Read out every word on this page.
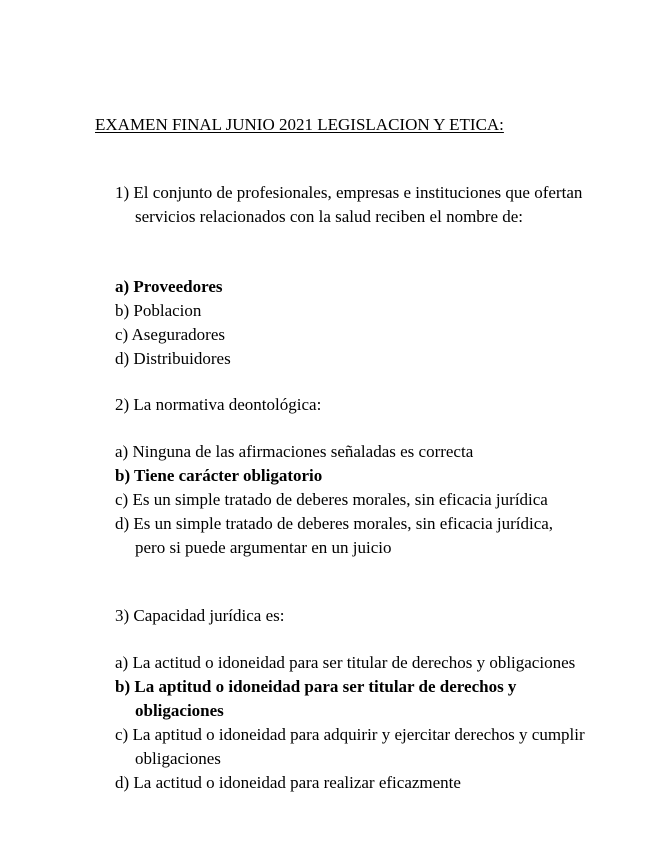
EXAMEN FINAL JUNIO 2021 LEGISLACION Y ETICA:

1) El conjunto de profesionales, empresas e instituciones que ofertan servicios relacionados con la salud reciben el nombre de:

a) Proveedores
b) Poblacion
c) Aseguradores
d) Distribuidores

2) La normativa deontológica:

a) Ninguna de las afirmaciones señaladas es correcta
b) Tiene carácter obligatorio
c) Es un simple tratado de deberes morales, sin eficacia jurídica
d) Es un simple tratado de deberes morales, sin eficacia jurídica, pero si puede argumentar en un juicio

3) Capacidad jurídica es:

a) La actitud o idoneidad para ser titular de derechos y obligaciones
b) La aptitud o idoneidad para ser titular de derechos y obligaciones
c) La aptitud o idoneidad para adquirir y ejercitar derechos y cumplir obligaciones
d) La actitud o idoneidad para realizar eficazmente
